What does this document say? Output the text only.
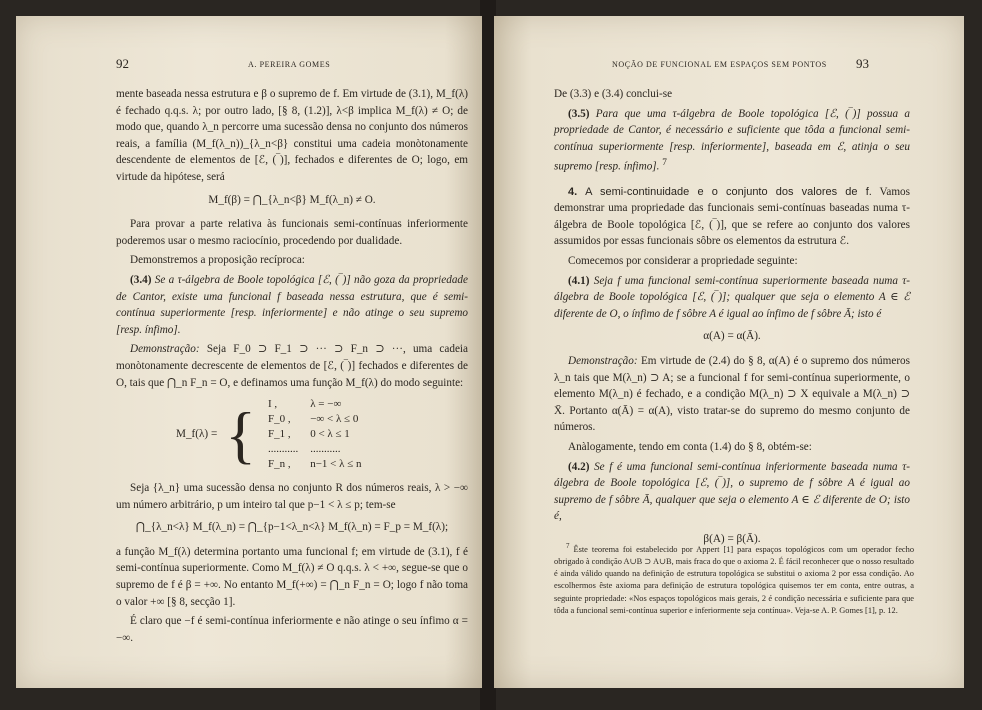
92	A. PEREIRA GOMES

mente baseada nessa estrutura e β o supremo de f. Em virtude de (3.1), M_f(λ) é fechado q.q.s. λ; por outro lado, [§ 8, (1.2)], λ<β implica M_f(λ) ≠ O; de modo que, quando λ_n percorre uma sucessão densa no conjunto dos números reais, a família (M_f(λ_n))_{λ_n<β} constitui uma cadeia monòtonamente descendente de elementos de [ℰ, (‾)], fechados e diferentes de O; logo, em virtude da hipótese, será

M_f(β) = ⋂_{λ_n<β} M_f(λ_n) ≠ O.

Para provar a parte relativa às funcionais semi-contínuas inferiormente poderemos usar o mesmo raciocínio, procedendo por dualidade.

Demonstremos a proposição recíproca:

(3.4) Se a τ-álgebra de Boole topológica [ℰ, (‾)] não goza da propriedade de Cantor, existe uma funcional f baseada nessa estrutura, que é semi-contínua superiormente [resp. inferiormente] e não atinge o seu supremo [resp. ínfimo].

Demonstração: Seja F_0 ⊃ F_1 ⊃ ··· ⊃ F_n ⊃ ···, uma cadeia monòtonamente decrescente de elementos de [ℰ, (‾)] fechados e diferentes de O, tais que ⋂_n F_n = O, e definamos uma função M_f(λ) do modo seguinte:

M_f(λ) = { I ,	λ = −∞
F_0 ,	−∞ < λ ≤ 0
F_1 ,	0 < λ ≤ 1
...........	...........
F_n ,	n−1 < λ ≤ n

Seja {λ_n} uma sucessão densa no conjunto R dos números reais, λ > −∞ um número arbitrário, p um inteiro tal que p−1 < λ ≤ p; tem-se

⋂_{λ_n<λ} M_f(λ_n) = ⋂_{p−1<λ_n<λ} M_f(λ_n) = F_p = M_f(λ);

a função M_f(λ) determina portanto uma funcional f; em virtude de (3.1), f é semi-contínua superiormente. Como M_f(λ) ≠ O q.q.s. λ < +∞, segue-se que o supremo de f é β = +∞. No entanto M_f(+∞) = ⋂_n F_n = O; logo f não toma o valor +∞ [§ 8, secção 1].

É claro que −f é semi-contínua inferiormente e não atinge o seu ínfimo α = −∞.

NOÇÃO DE FUNCIONAL EM ESPAÇOS SEM PONTOS 93

De (3.3) e (3.4) conclui-se

(3.5) Para que uma τ-álgebra de Boole topológica [ℰ, (‾)] possua a propriedade de Cantor, é necessário e suficiente que tôda a funcional semi-contínua superiormente [resp. inferiormente], baseada em ℰ, atinja o seu supremo [resp. ínfimo]. $^7$

4. A semi-continuidade e o conjunto dos valores de f. Vamos demonstrar uma propriedade das funcionais semi-contínuas baseadas numa τ-álgebra de Boole topológica [ℰ, (‾)], que se refere ao conjunto dos valores assumidos por essas funcionais sôbre os elementos da estrutura ℰ.

Comecemos por considerar a propriedade seguinte:

(4.1) Seja f uma funcional semi-contínua superiormente baseada numa τ-álgebra de Boole topológica [ℰ, (‾)]; qualquer que seja o elemento A ∈ ℰ diferente de O, o ínfimo de f sôbre A é igual ao ínfimo de f sôbre Ā; isto é

α(A) = α(Ā).

Demonstração: Em virtude de (2.4) do § 8, α(A) é o supremo dos números λ_n tais que M(λ_n) ⊃ A; se a funcional f for semi-contínua superiormente, o elemento M(λ_n) é fechado, e a condição M(λ_n) ⊃ X equivale a M(λ_n) ⊃ X̄. Portanto α(Ā) = α(A), visto tratar-se do supremo do mesmo conjunto de números.

Anàlogamente, tendo em conta (1.4) do § 8, obtém-se:

(4.2) Se f é uma funcional semi-contínua inferiormente baseada numa τ-álgebra de Boole topológica [ℰ, (‾)], o supremo de f sôbre A é igual ao supremo de f sôbre Ā, qualquer que seja o elemento A ∈ ℰ diferente de O; isto é,

β(A) = β(Ā).

$^7$ Êste teorema foi estabelecido por Appert [1] para espaços topológicos com um operador fecho obrigado à condição A∪B ⊃ A∪B, mais fraca do que o axioma 2. É fácil reconhecer que o nosso resultado é ainda válido quando na definição de estrutura topológica se substitui o axioma 2 por essa condição. Ao escolhermos êste axioma para definição de estrutura topológica quisemos ter em conta, entre outras, a seguinte propriedade: «Nos espaços topológicos mais gerais, 2 é condição necessária e suficiente para que tôda a funcional semi-contínua superior e inferiormente seja contínua». Veja-se A. P. Gomes [1], p. 12.
